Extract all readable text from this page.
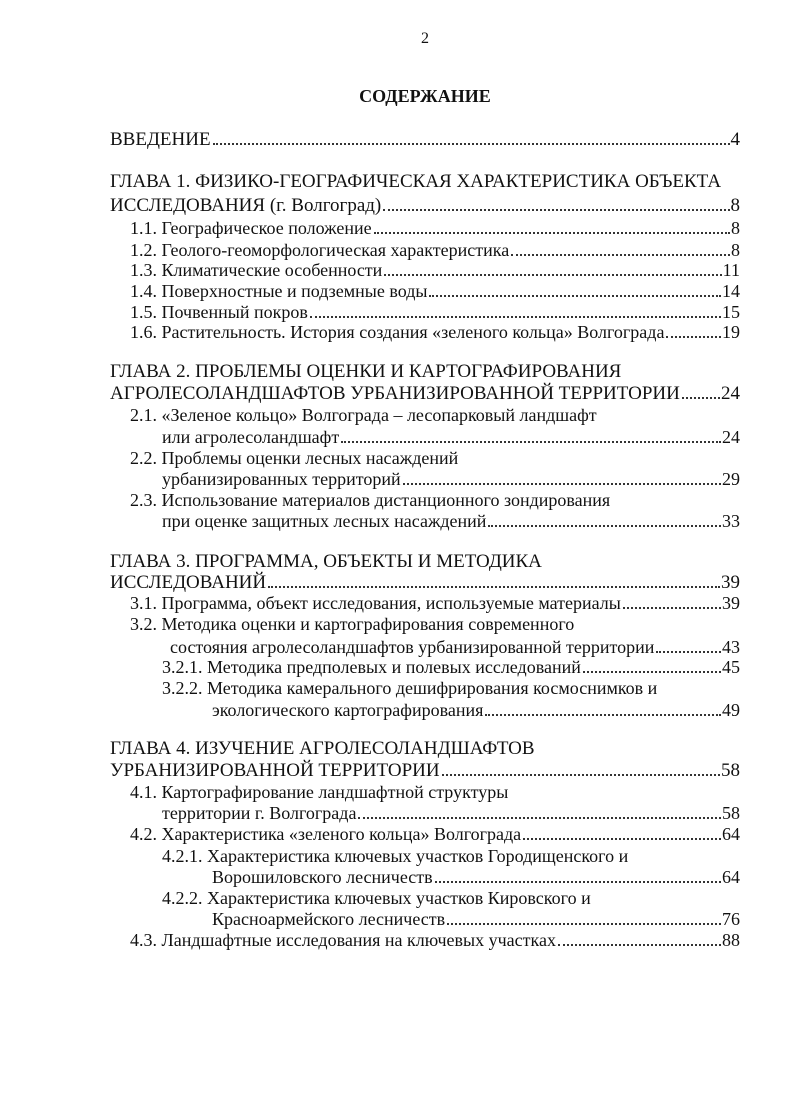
2
СОДЕРЖАНИЕ
ВВЕДЕНИЕ	4
ГЛАВА 1. ФИЗИКО-ГЕОГРАФИЧЕСКАЯ ХАРАКТЕРИСТИКА ОБЪЕКТА
ИССЛЕДОВАНИЯ (г. Волгоград)	8
1.1. Географическое положение	8
1.2. Геолого-геоморфологическая характеристика	8
1.3. Климатические особенности	11
1.4. Поверхностные и подземные воды	14
1.5. Почвенный покров	15
1.6. Растительность. История создания «зеленого кольца» Волгограда	19
ГЛАВА 2. ПРОБЛЕМЫ ОЦЕНКИ И КАРТОГРАФИРОВАНИЯ
АГРОЛЕСОЛАНДШАФТОВ УРБАНИЗИРОВАННОЙ ТЕРРИТОРИИ 24
2.1. «Зеленое кольцо» Волгограда – лесопарковый ландшафт
или агролесоландшафт	24
2.2. Проблемы оценки лесных насаждений
урбанизированных территорий	29
2.3. Использование материалов дистанционного зондирования
при оценке защитных лесных насаждений	33
ГЛАВА 3. ПРОГРАММА, ОБЪЕКТЫ И МЕТОДИКА
ИССЛЕДОВАНИЙ	39
3.1. Программа, объект исследования, используемые материалы	39
3.2. Методика оценки и картографирования современного
состояния агролесоландшафтов урбанизированной территории	43
3.2.1. Методика предполевых и полевых исследований	45
3.2.2. Методика камерального дешифрирования космоснимков и
экологического картографирования	49
ГЛАВА 4. ИЗУЧЕНИЕ АГРОЛЕСОЛАНДШАФТОВ
УРБАНИЗИРОВАННОЙ ТЕРРИТОРИИ	58
4.1. Картографирование ландшафтной структуры
территории г. Волгограда	58
4.2. Характеристика «зеленого кольца» Волгограда	64
4.2.1. Характеристика ключевых участков Городищенского и
Ворошиловского лесничеств	64
4.2.2. Характеристика ключевых участков Кировского и
Красноармейского лесничеств	76
4.3. Ландшафтные исследования на ключевых участках	88
